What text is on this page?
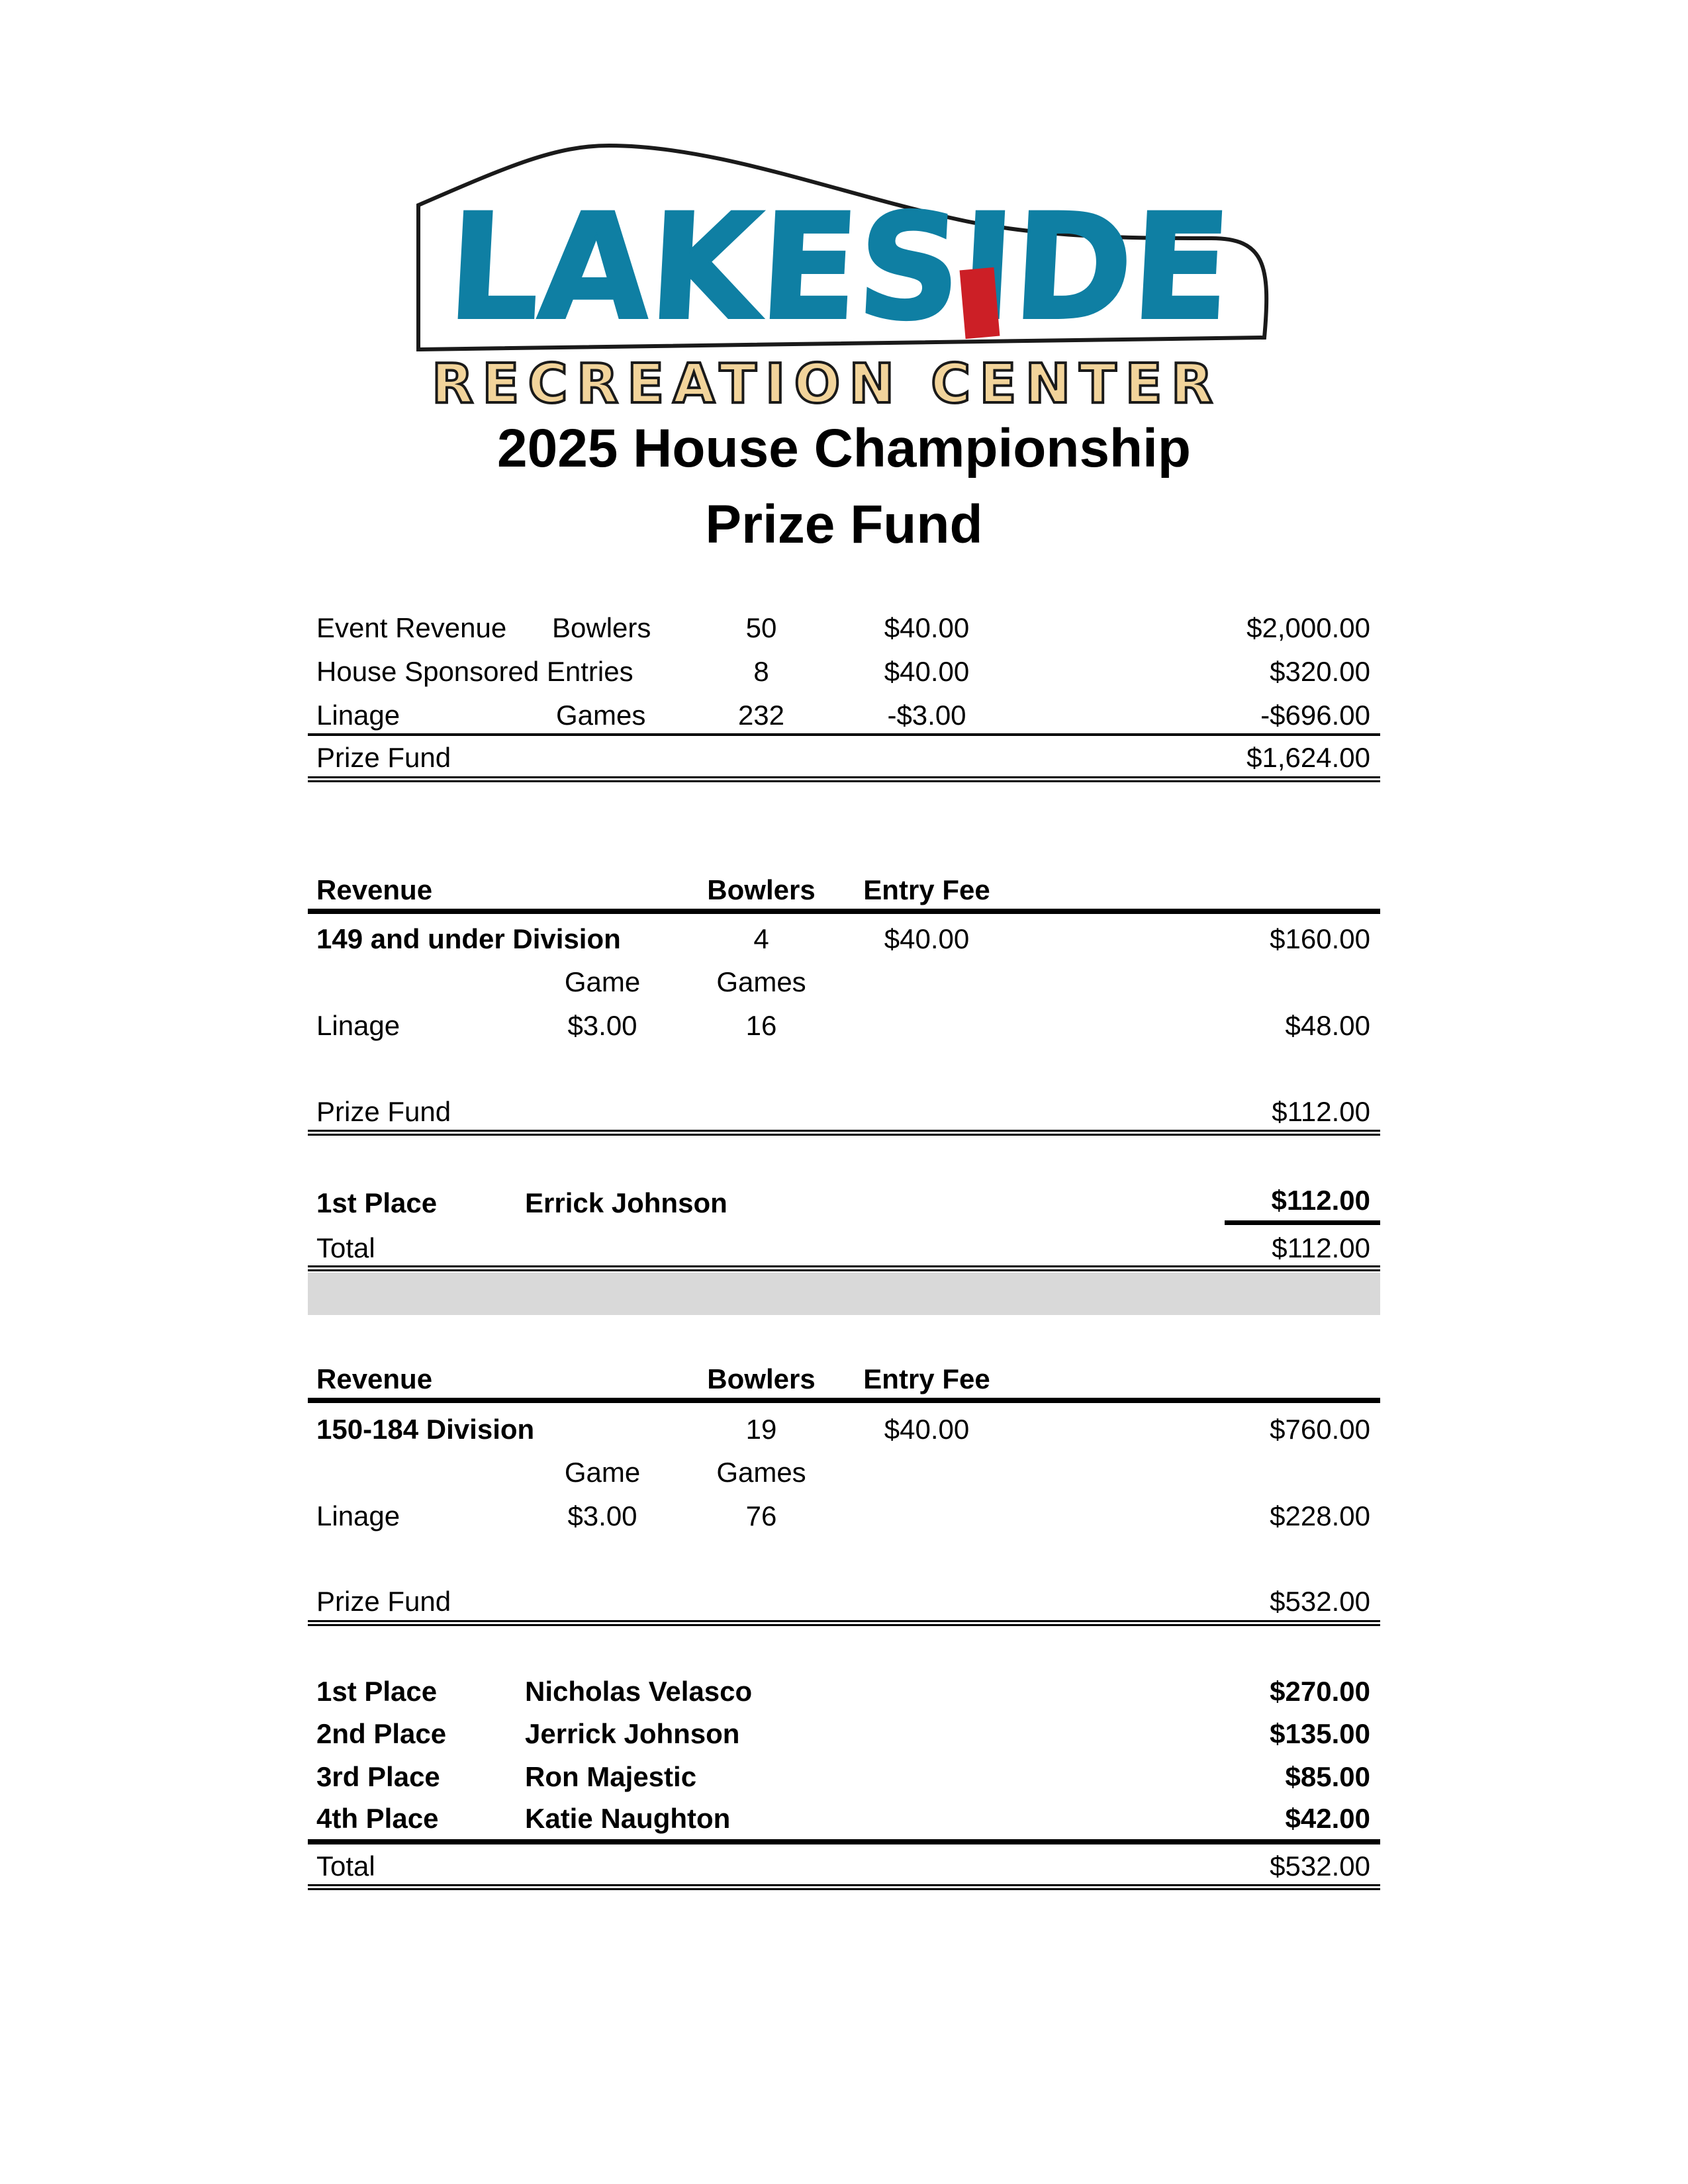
LAKESIDE
RECREATION CENTER
2025 House Championship
Prize Fund
Event Revenue Bowlers	50	$40.00	$2,000.00
House Sponsored Entries	8	$40.00	$320.00
Linage	Games	232	-$3.00	-$696.00
Prize Fund	$1,624.00
Revenue	Bowlers	Entry Fee
149 and under Division	4	$40.00	$160.00
Game	Games
Linage	$3.00	16	$48.00
Prize Fund	$112.00
1st Place	Errick Johnson	$112.00
Total	$112.00
Revenue	Bowlers	Entry Fee
150-184 Division	19	$40.00	$760.00
Game	Games
Linage	$3.00	76	$228.00
Prize Fund	$532.00
1st Place	Nicholas Velasco	$270.00
2nd Place	Jerrick Johnson	$135.00
3rd Place	Ron Majestic	$85.00
4th Place	Katie Naughton	$42.00
Total	$532.00
